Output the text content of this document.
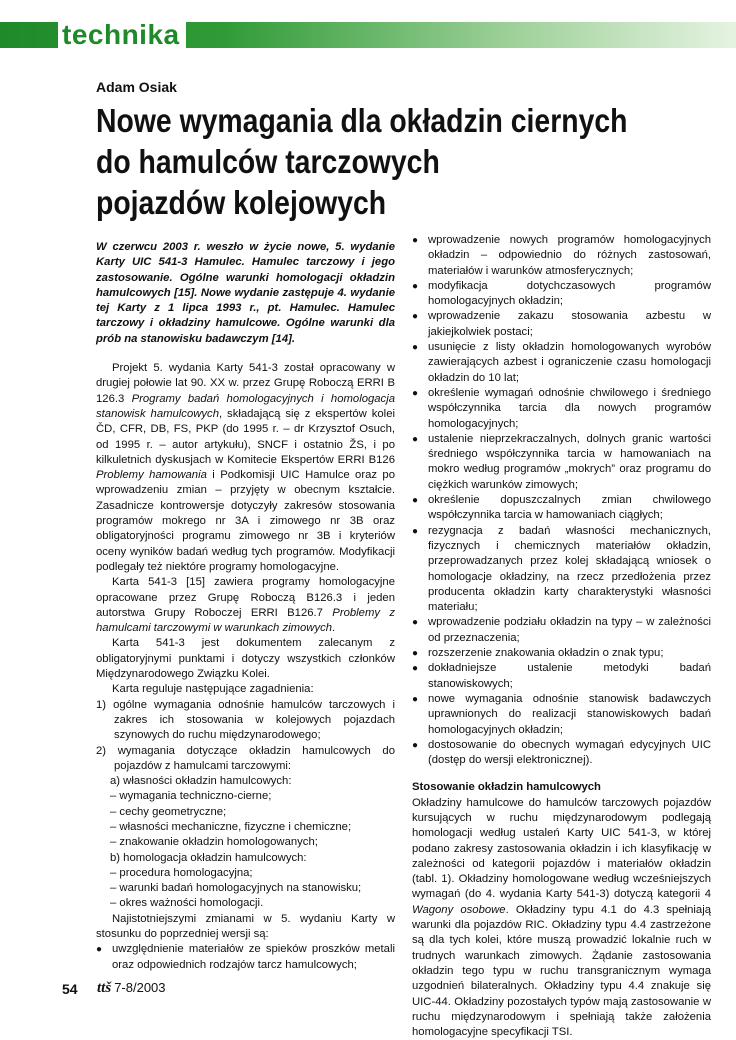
technika
Adam Osiak
Nowe wymagania dla okładzin ciernych
do hamulców tarczowych
pojazdów kolejowych

W czerwcu 2003 r. weszło w życie nowe, 5. wydanie Karty UIC 541-3 Hamulec. Hamulec tarczowy i jego zastosowanie. Ogólne warunki homologacji okładzin hamulcowych [15]. Nowe wydanie zastępuje 4. wydanie tej Karty z 1 lipca 1993 r., pt. Hamulec. Hamulec tarczowy i okładziny hamulcowe. Ogólne warunki dla prób na stanowisku badawczym [14].

Projekt 5. wydania Karty 541-3 został opracowany w drugiej połowie lat 90. XX w. przez Grupę Roboczą ERRI B 126.3 Programy badań homologacyjnych i homologacja stanowisk hamulcowych, składającą się z ekspertów kolei ČD, CFR, DB, FS, PKP (do 1995 r. – dr Krzysztof Osuch, od 1995 r. – autor artykułu), SNCF i ostatnio ŽS, i po kilkuletnich dyskusjach w Komitecie Ekspertów ERRI B126 Problemy hamowania i Podkomisji UIC Hamulce oraz po wprowadzeniu zmian – przyjęty w obecnym kształcie. Zasadnicze kontrowersje dotyczyły zakresów stosowania programów mokrego nr 3A i zimowego nr 3B oraz obligatoryjności programu zimowego nr 3B i kryteriów oceny wyników badań według tych programów. Modyfikacji podlegały też niektóre programy homologacyjne.

Karta 541-3 [15] zawiera programy homologacyjne opracowane przez Grupę Roboczą B126.3 i jeden autorstwa Grupy Roboczej ERRI B126.7 Problemy z hamulcami tarczowymi w warunkach zimowych.

Karta 541-3 jest dokumentem zalecanym z obligatoryjnymi punktami i dotyczy wszystkich członków Międzynarodowego Związku Kolei.

Karta reguluje następujące zagadnienia:

1) ogólne wymagania odnośnie hamulców tarczowych i zakres ich stosowania w kolejowych pojazdach szynowych do ruchu międzynarodowego;

2) wymagania dotyczące okładzin hamulcowych do pojazdów z hamulcami tarczowymi:

a) własności okładzin hamulcowych:

– wymagania techniczno-cierne;

– cechy geometryczne;

– własności mechaniczne, fizyczne i chemiczne;

– znakowanie okładzin homologowanych;

b) homologacja okładzin hamulcowych:

– procedura homologacyjna;

– warunki badań homologacyjnych na stanowisku;

– okres ważności homologacji.

Najistotniejszymi zmianami w 5. wydaniu Karty w stosunku do poprzedniej wersji są:

● uwzględnienie materiałów ze spieków proszków metali oraz odpowiednich rodzajów tarcz hamulcowych;
● wprowadzenie nowych programów homologacyjnych okładzin – odpowiednio do różnych zastosowań, materiałów i warunków atmosferycznych;
● modyfikacja dotychczasowych programów homologacyjnych okładzin;
● wprowadzenie zakazu stosowania azbestu w jakiejkolwiek postaci;
● usunięcie z listy okładzin homologowanych wyrobów zawierających azbest i ograniczenie czasu homologacji okładzin do 10 lat;
● określenie wymagań odnośnie chwilowego i średniego współczynnika tarcia dla nowych programów homologacyjnych;
● ustalenie nieprzekraczalnych, dolnych granic wartości średniego współczynnika tarcia w hamowaniach na mokro według programów „mokrych” oraz programu do ciężkich warunków zimowych;
● określenie dopuszczalnych zmian chwilowego współczynnika tarcia w hamowaniach ciągłych;
● rezygnacja z badań własności mechanicznych, fizycznych i chemicznych materiałów okładzin, przeprowadzanych przez kolej składającą wniosek o homologacje okładziny, na rzecz przedłożenia przez producenta okładzin karty charakterystyki własności materiału;
● wprowadzenie podziału okładzin na typy – w zależności od przeznaczenia;
● rozszerzenie znakowania okładzin o znak typu;
● dokładniejsze ustalenie metodyki badań stanowiskowych;
● nowe wymagania odnośnie stanowisk badawczych uprawnionych do realizacji stanowiskowych badań homologacyjnych okładzin;
● dostosowanie do obecnych wymagań edycyjnych UIC (dostęp do wersji elektronicznej).

Stosowanie okładzin hamulcowych

Okładziny hamulcowe do hamulców tarczowych pojazdów kursujących w ruchu międzynarodowym podlegają homologacji według ustaleń Karty UIC 541-3, w której podano zakresy zastosowania okładzin i ich klasyfikację w zależności od kategorii pojazdów i materiałów okładzin (tabl. 1). Okładziny homologowane według wcześniejszych wymagań (do 4. wydania Karty 541-3) dotyczą kategorii 4 Wagony osobowe. Okładziny typu 4.1 do 4.3 spełniają warunki dla pojazdów RIC. Okładziny typu 4.4 zastrzeżone są dla tych kolei, które muszą prowadzić lokalnie ruch w trudnych warunkach zimowych. Żądanie zastosowania okładzin tego typu w ruchu transgranicznym wymaga uzgodnień bilateralnych. Okładziny typu 4.4 znakuje się UIC-44. Okładziny pozostałych typów mają zastosowanie w ruchu międzynarodowym i spełniają także założenia homologacyjne specyfikacji TSI.

54 ttš 7-8/2003
